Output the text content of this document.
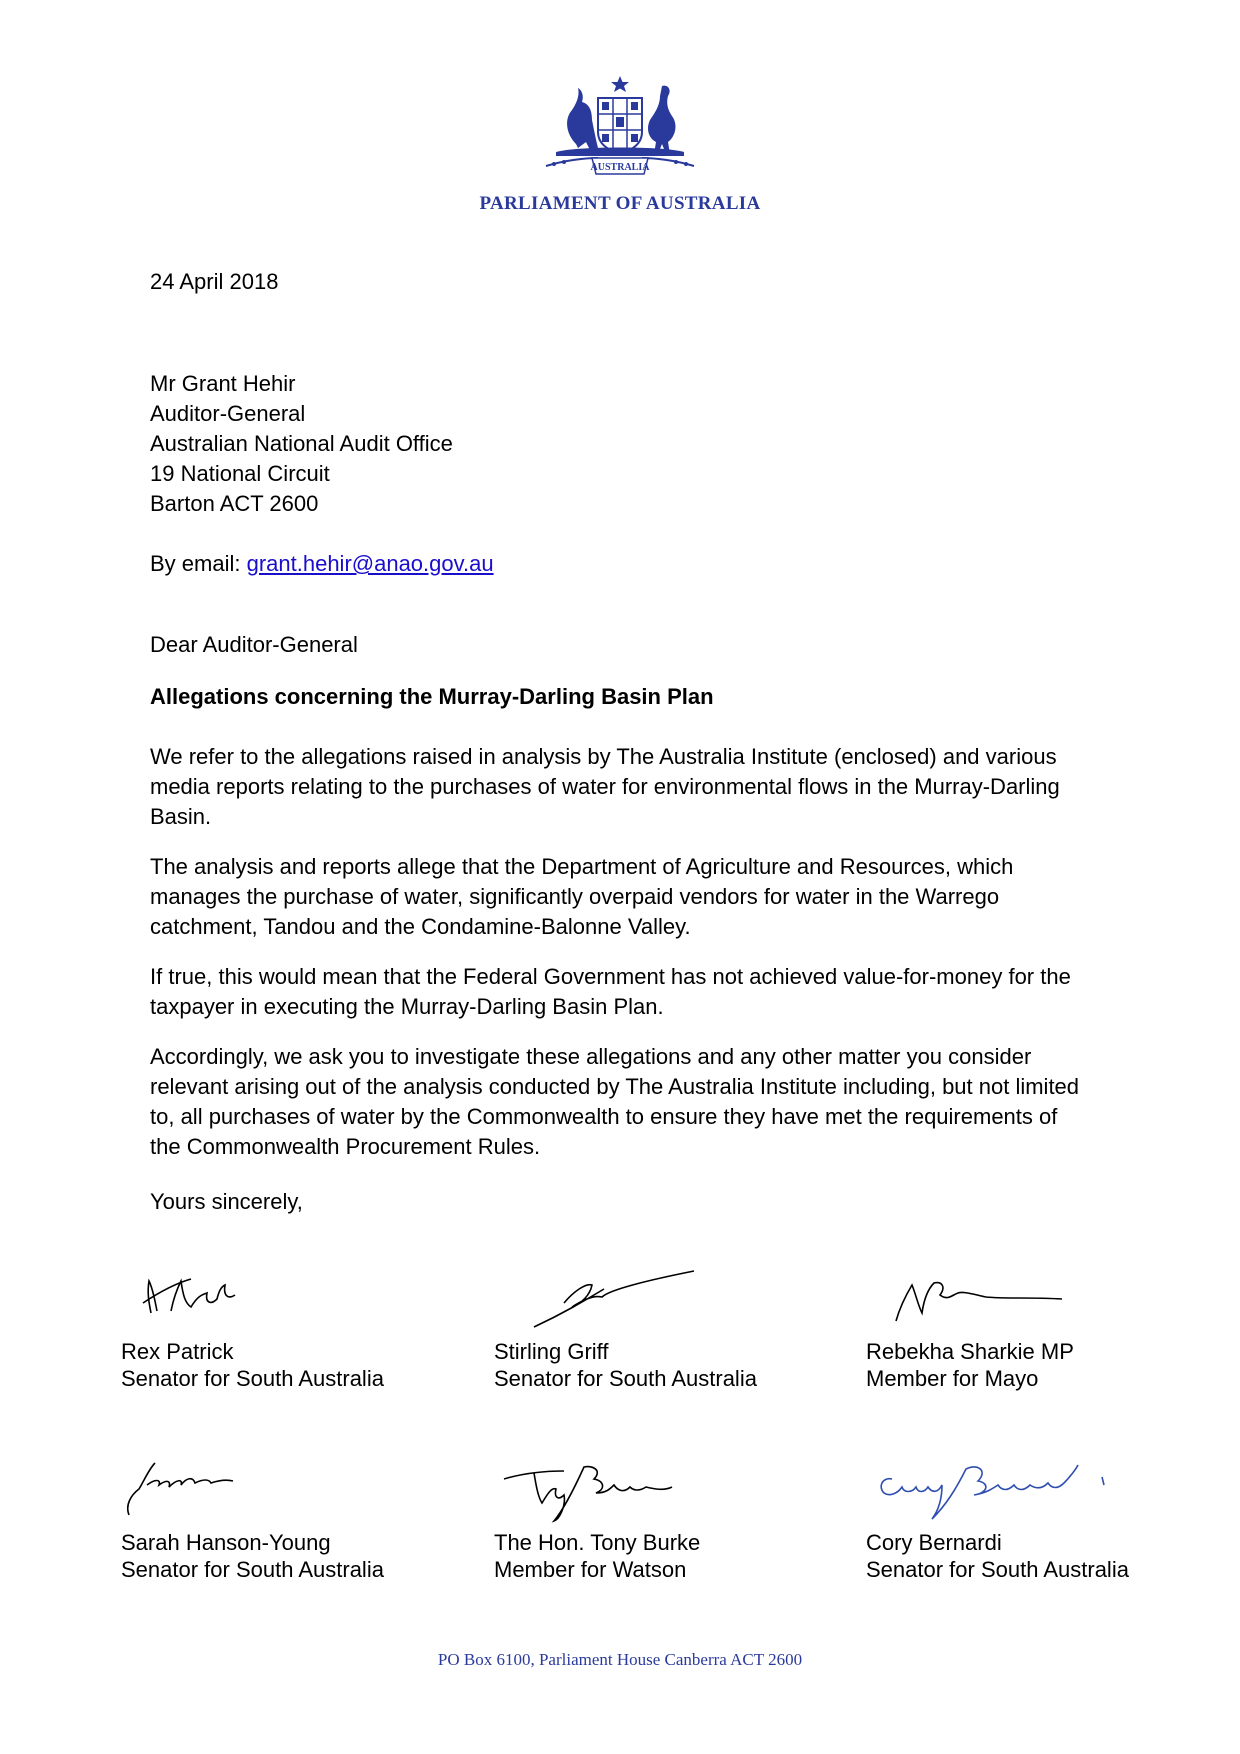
AUSTRALIA
PARLIAMENT OF AUSTRALIA
24 April 2018
Mr Grant Hehir
Auditor-General
Australian National Audit Office
19 National Circuit
Barton ACT 2600
By email: grant.hehir@anao.gov.au
Dear Auditor-General
Allegations concerning the Murray-Darling Basin Plan

We refer to the allegations raised in analysis by The Australia Institute (enclosed) and various media reports relating to the purchases of water for environmental flows in the Murray-Darling Basin.

The analysis and reports allege that the Department of Agriculture and Resources, which manages the purchase of water, significantly overpaid vendors for water in the Warrego catchment, Tandou and the Condamine-Balonne Valley.

If true, this would mean that the Federal Government has not achieved value-for-money for the taxpayer in executing the Murray-Darling Basin Plan.

Accordingly, we ask you to investigate these allegations and any other matter you consider relevant arising out of the analysis conducted by The Australia Institute including, but not limited to, all purchases of water by the Commonwealth to ensure they have met the requirements of the Commonwealth Procurement Rules.

Yours sincerely,
Rex Patrick
Senator for South Australia
Stirling Griff
Senator for South Australia
Rebekha Sharkie MP
Member for Mayo
Sarah Hanson-Young
Senator for South Australia
The Hon. Tony Burke
Member for Watson
Cory Bernardi
Senator for South Australia
PO Box 6100, Parliament House Canberra ACT 2600
